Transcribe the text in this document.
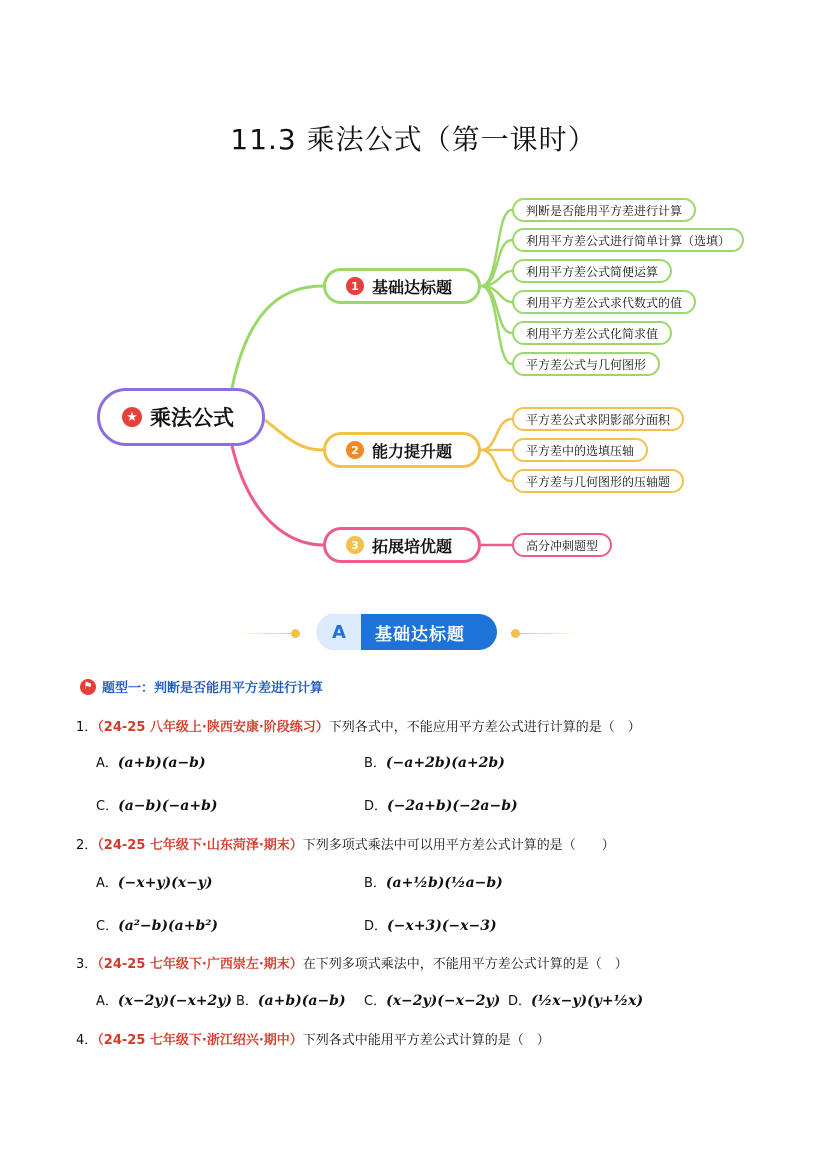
11.3 乘法公式（第一课时）
★ 乘法公式
1 基础达标题
2 能力提升题
3 拓展培优题
判断是否能用平方差进行计算
利用平方差公式进行简单计算（选填）
利用平方差公式简便运算
利用平方差公式求代数式的值
利用平方差公式化简求值
平方差公式与几何图形
平方差公式求阴影部分面积
平方差中的选填压轴
平方差与几何图形的压轴题
高分冲刺题型
A	基础达标题
⚑ 题型一：判断是否能用平方差进行计算
1．（24-25 八年级上·陕西安康·阶段练习）下列各式中，不能应用平方差公式进行计算的是（　）
A．(a+b)(a−b)	B．(−a+2b)(a+2b)
C．(a−b)(−a+b)	D．(−2a+b)(−2a−b)
2．（24-25 七年级下·山东菏泽·期末）下列多项式乘法中可以用平方差公式计算的是（　　）
A．(−x+y)(x−y)	B．(a+½b)(½a−b)
C．(a²−b)(a+b²)	D．(−x+3)(−x−3)
3．（24-25 七年级下·广西崇左·期末）在下列多项式乘法中，不能用平方差公式计算的是（　）
A．(x−2y)(−x+2y) B．(a+b)(a−b) C．(x−2y)(−x−2y) D．(½x−y)(y+½x)
4．（24-25 七年级下·浙江绍兴·期中）下列各式中能用平方差公式计算的是（　）
